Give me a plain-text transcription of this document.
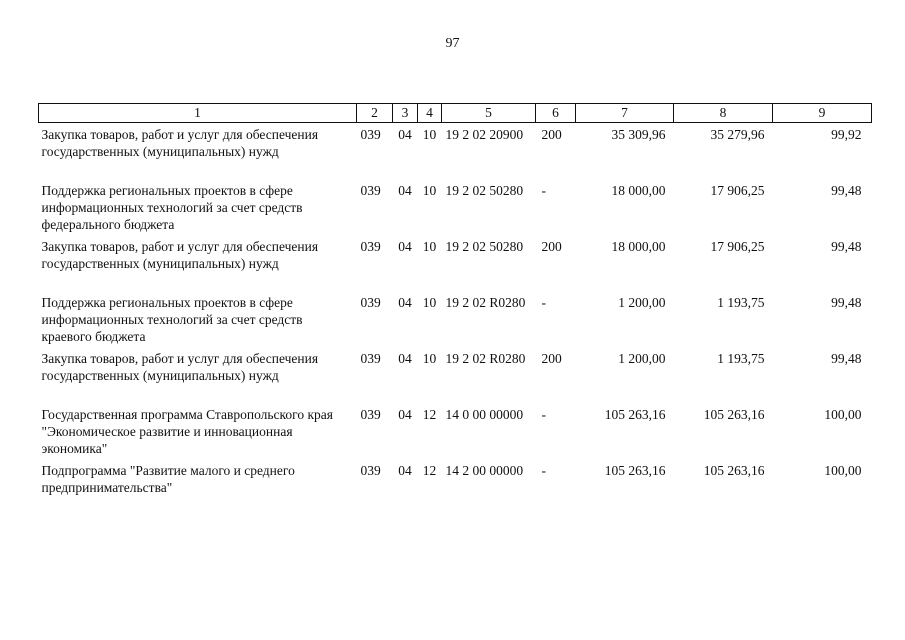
97
1	2	3	4	5	6	7	8	9
Закупка товаров, работ и услуг для обеспечения государственных (муниципальных) нужд	039	04	10	19 2 02 20900	200	35 309,96	35 279,96	99,92
Поддержка региональных проектов в сфере информационных технологий за счет средств федерального бюджета	039	04	10	19 2 02 50280	-	18 000,00	17 906,25	99,48
Закупка товаров, работ и услуг для обеспечения государственных (муниципальных) нужд	039	04	10	19 2 02 50280	200	18 000,00	17 906,25	99,48
Поддержка региональных проектов в сфере информационных технологий за счет средств краевого бюджета	039	04	10	19 2 02 R0280	-	1 200,00	1 193,75	99,48
Закупка товаров, работ и услуг для обеспечения государственных (муниципальных) нужд	039	04	10	19 2 02 R0280	200	1 200,00	1 193,75	99,48
Государственная программа Ставропольского края "Экономическое развитие и инновационная экономика"	039	04	12	14 0 00 00000	-	105 263,16	105 263,16	100,00
Подпрограмма "Развитие малого и среднего предпринимательства"	039	04	12	14 2 00 00000	-	105 263,16	105 263,16	100,00
